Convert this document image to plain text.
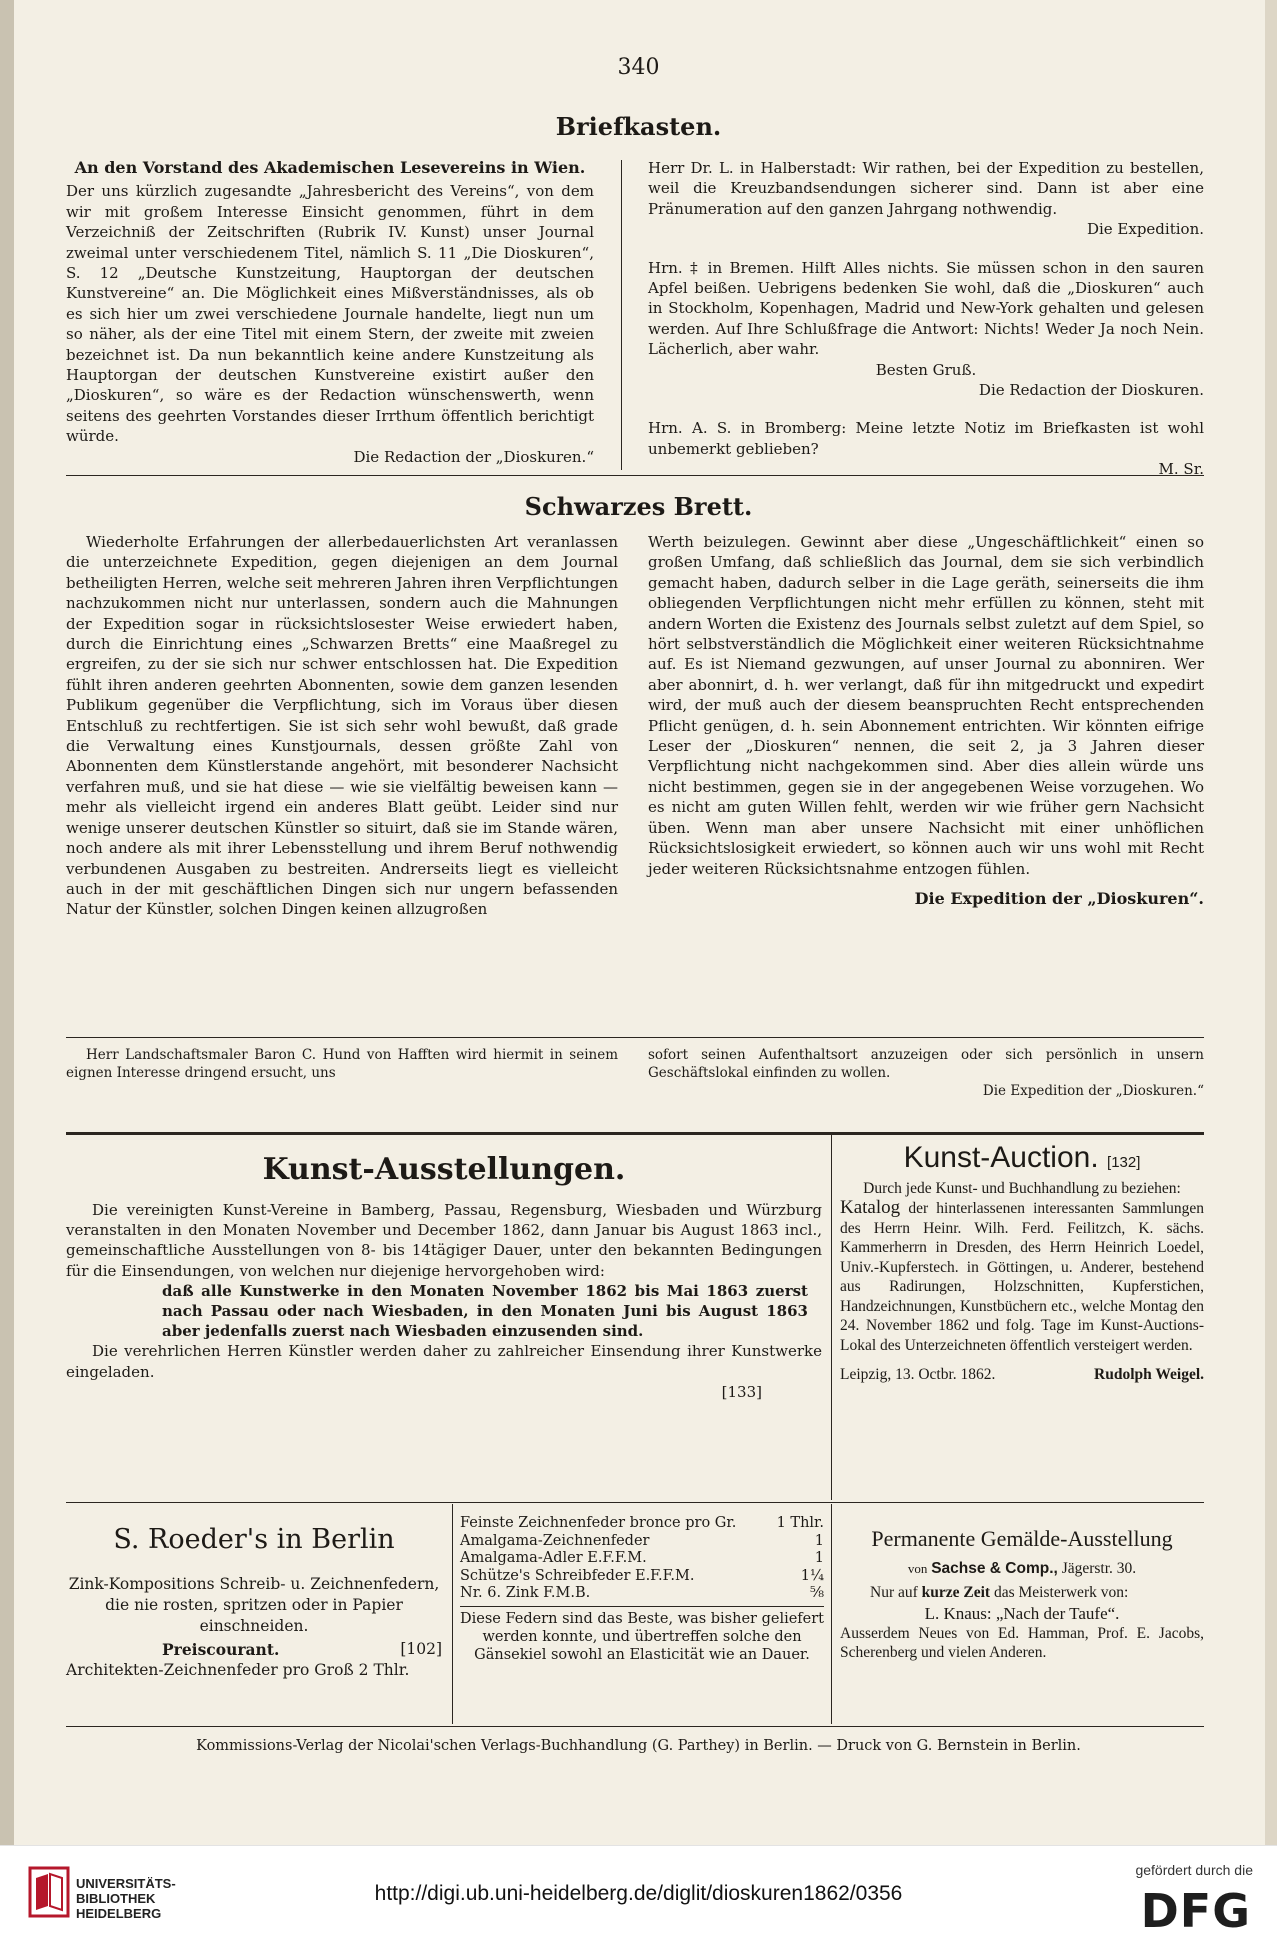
340
Briefkasten.
An den Vorstand des Akademischen Lesevereins in Wien.

Der uns kürzlich zugesandte „Jahresbericht des Vereins“, von dem wir mit großem Interesse Einsicht genommen, führt in dem Verzeichniß der Zeitschriften (Rubrik IV. Kunst) unser Journal zweimal unter verschiedenem Titel, nämlich S. 11 „Die Dioskuren“, S. 12 „Deutsche Kunstzeitung, Hauptorgan der deutschen Kunstvereine“ an. Die Möglichkeit eines Mißverständnisses, als ob es sich hier um zwei verschiedene Journale handelte, liegt nun um so näher, als der eine Titel mit einem Stern, der zweite mit zweien bezeichnet ist. Da nun bekanntlich keine andere Kunstzeitung als Hauptorgan der deutschen Kunstvereine existirt außer den „Dioskuren“, so wäre es der Redaction wünschenswerth, wenn seitens des geehrten Vorstandes dieser Irrthum öffentlich berichtigt würde.

Die Redaction der „Dioskuren.“

Herr Dr. L. in Halberstadt: Wir rathen, bei der Expedition zu bestellen, weil die Kreuzbandsendungen sicherer sind. Dann ist aber eine Pränumeration auf den ganzen Jahrgang nothwendig.

Die Expedition.

Hrn. ‡ in Bremen. Hilft Alles nichts. Sie müssen schon in den sauren Apfel beißen. Uebrigens bedenken Sie wohl, daß die „Dioskuren“ auch in Stockholm, Kopenhagen, Madrid und New-York gehalten und gelesen werden. Auf Ihre Schlußfrage die Antwort: Nichts! Weder Ja noch Nein. Lächerlich, aber wahr.

Besten Gruß.

Die Redaction der Dioskuren.

Hrn. A. S. in Bromberg: Meine letzte Notiz im Briefkasten ist wohl unbemerkt geblieben?

M. Sr.

Schwarzes Brett.

Wiederholte Erfahrungen der allerbedauerlichsten Art veranlassen die unterzeichnete Expedition, gegen diejenigen an dem Journal betheiligten Herren, welche seit mehreren Jahren ihren Verpflichtungen nachzukommen nicht nur unterlassen, sondern auch die Mahnungen der Expedition sogar in rücksichtslosester Weise erwiedert haben, durch die Einrichtung eines „Schwarzen Bretts“ eine Maaßregel zu ergreifen, zu der sie sich nur schwer entschlossen hat. Die Expedition fühlt ihren anderen geehrten Abonnenten, sowie dem ganzen lesenden Publikum gegenüber die Verpflichtung, sich im Voraus über diesen Entschluß zu rechtfertigen. Sie ist sich sehr wohl bewußt, daß grade die Verwaltung eines Kunstjournals, dessen größte Zahl von Abonnenten dem Künstlerstande angehört, mit besonderer Nachsicht verfahren muß, und sie hat diese — wie sie vielfältig beweisen kann — mehr als vielleicht irgend ein anderes Blatt geübt. Leider sind nur wenige unserer deutschen Künstler so situirt, daß sie im Stande wären, noch andere als mit ihrer Lebensstellung und ihrem Beruf nothwendig verbundenen Ausgaben zu bestreiten. Andrerseits liegt es vielleicht auch in der mit geschäftlichen Dingen sich nur ungern befassenden Natur der Künstler, solchen Dingen keinen allzugroßen

Werth beizulegen. Gewinnt aber diese „Ungeschäftlichkeit“ einen so großen Umfang, daß schließlich das Journal, dem sie sich verbindlich gemacht haben, dadurch selber in die Lage geräth, seinerseits die ihm obliegenden Verpflichtungen nicht mehr erfüllen zu können, steht mit andern Worten die Existenz des Journals selbst zuletzt auf dem Spiel, so hört selbstverständlich die Möglichkeit einer weiteren Rücksichtnahme auf. Es ist Niemand gezwungen, auf unser Journal zu abonniren. Wer aber abonnirt, d. h. wer verlangt, daß für ihn mitgedruckt und expedirt wird, der muß auch der diesem beanspruchten Recht entsprechenden Pflicht genügen, d. h. sein Abonnement entrichten. Wir könnten eifrige Leser der „Dioskuren“ nennen, die seit 2, ja 3 Jahren dieser Verpflichtung nicht nachgekommen sind. Aber dies allein würde uns nicht bestimmen, gegen sie in der angegebenen Weise vorzugehen. Wo es nicht am guten Willen fehlt, werden wir wie früher gern Nachsicht üben. Wenn man aber unsere Nachsicht mit einer unhöflichen Rücksichtslosigkeit erwiedert, so können auch wir uns wohl mit Recht jeder weiteren Rücksichtsnahme entzogen fühlen.

Die Expedition der „Dioskuren“.

Herr Landschaftsmaler Baron C. Hund von Hafften wird hiermit in seinem eignen Interesse dringend ersucht, uns

sofort seinen Aufenthaltsort anzuzeigen oder sich persönlich in unsern Geschäftslokal einfinden zu wollen.

Die Expedition der „Dioskuren.“

Kunst-Ausstellungen.

Die vereinigten Kunst-Vereine in Bamberg, Passau, Regensburg, Wiesbaden und Würzburg veranstalten in den Monaten November und December 1862, dann Januar bis August 1863 incl., gemeinschaftliche Ausstellungen von 8- bis 14tägiger Dauer, unter den bekannten Bedingungen für die Einsendungen, von welchen nur diejenige hervorgehoben wird:

daß alle Kunstwerke in den Monaten November 1862 bis Mai 1863 zuerst nach Passau oder nach Wiesbaden, in den Monaten Juni bis August 1863 aber jedenfalls zuerst nach Wiesbaden einzusenden sind.

Die verehrlichen Herren Künstler werden daher zu zahlreicher Einsendung ihrer Kunstwerke eingeladen.

[133]

Kunst-Auction. [132]

Durch jede Kunst- und Buchhandlung zu beziehen:

Katalog der hinterlassenen interessanten Sammlungen des Herrn Heinr. Wilh. Ferd. Feilitzch, K. sächs. Kammerherrn in Dresden, des Herrn Heinrich Loedel, Univ.-Kupferstech. in Göttingen, u. Anderer, bestehend aus Radirungen, Holzschnitten, Kupferstichen, Handzeichnungen, Kunstbüchern etc., welche Montag den 24. November 1862 und folg. Tage im Kunst-Auctions-Lokal des Unterzeichneten öffentlich versteigert werden.

Leipzig, 13. Octbr. 1862.	Rudolph Weigel.
S. Roeder's in Berlin

Zink-Kompositions Schreib- u. Zeichnenfedern, die nie rosten, spritzen oder in Papier einschneiden.

Preiscourant.	[102]

Architekten-Zeichnenfeder pro Groß 2 Thlr.

Feinste Zeichnenfeder bronce pro Gr.	1 Thlr.
Amalgama-Zeichnenfeder	1
Amalgama-Adler E.F.F.M.	1
Schütze's Schreibfeder E.F.F.M.	1¼
Nr. 6. Zink F.M.B.	⅝

Diese Federn sind das Beste, was bisher geliefert werden konnte, und übertreffen solche den Gänsekiel sowohl an Elasticität wie an Dauer.

Permanente Gemälde-Ausstellung

von Sachse & Comp., Jägerstr. 30.

Nur auf kurze Zeit das Meisterwerk von:

L. Knaus: „Nach der Taufe“.

Ausserdem Neues von Ed. Hamman, Prof. E. Jacobs, Scherenberg und vielen Anderen.

Kommissions-Verlag der Nicolai'schen Verlags-Buchhandlung (G. Parthey) in Berlin. — Druck von G. Bernstein in Berlin.
UNIVERSITÄTS-
BIBLIOTHEK
HEIDELBERG
http://digi.ub.uni-heidelberg.de/diglit/dioskuren1862/0356
gefördert durch die
DFG
